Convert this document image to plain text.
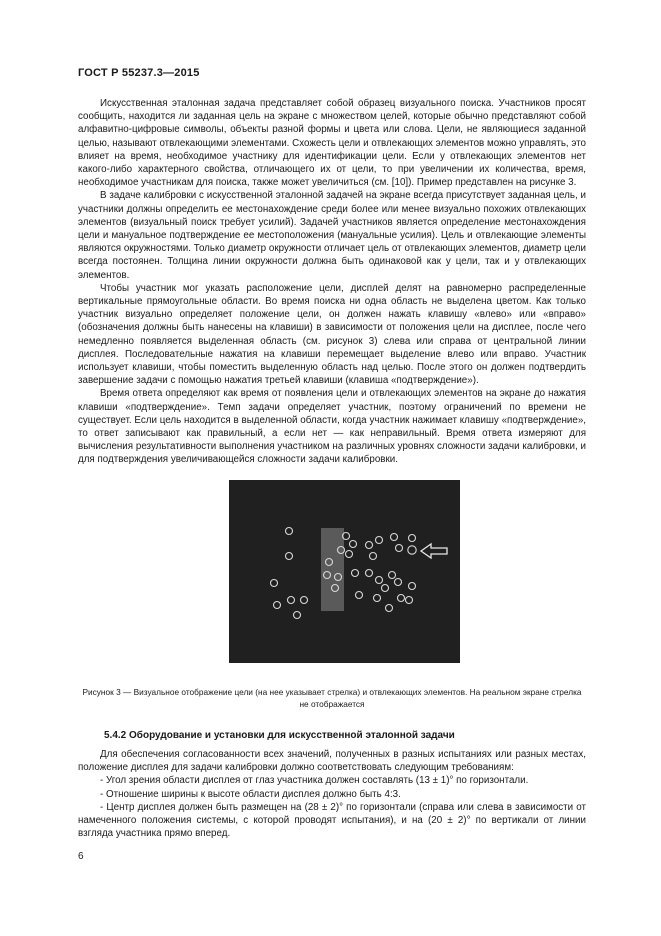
ГОСТ Р 55237.3—2015

Искусственная эталонная задача представляет собой образец визуального поиска. Участников просят сообщить, находится ли заданная цель на экране с множеством целей, которые обычно представляют собой алфавитно-цифровые символы, объекты разной формы и цвета или слова. Цели, не являющиеся заданной целью, называют отвлекающими элементами. Схожесть цели и отвлекающих элементов можно управлять, это влияет на время, необходимое участнику для идентификации цели. Если у отвлекающих элементов нет какого-либо характерного свойства, отличающего их от цели, то при увеличении их количества, время, необходимое участникам для поиска, также может увеличиться (см. [10]). Пример представлен на рисунке 3.

В задаче калибровки с искусственной эталонной задачей на экране всегда присутствует заданная цель, и участники должны определить ее местонахождение среди более или менее визуально похожих отвлекающих элементов (визуальный поиск требует усилий). Задачей участников является определение местонахождения цели и мануальное подтверждение ее местоположения (мануальные усилия). Цель и отвлекающие элементы являются окружностями. Только диаметр окружности отличает цель от отвлекающих элементов, диаметр цели всегда постоянен. Толщина линии окружности должна быть одинаковой как у цели, так и у отвлекающих элементов.

Чтобы участник мог указать расположение цели, дисплей делят на равномерно распределенные вертикальные прямоугольные области. Во время поиска ни одна область не выделена цветом. Как только участник визуально определяет положение цели, он должен нажать клавишу «влево» или «вправо» (обозначения должны быть нанесены на клавиши) в зависимости от положения цели на дисплее, после чего немедленно появляется выделенная область (см. рисунок 3) слева или справа от центральной линии дисплея. Последовательные нажатия на клавиши перемещает выделение влево или вправо. Участник использует клавиши, чтобы поместить выделенную область над целью. После этого он должен подтвердить завершение задачи с помощью нажатия третьей клавиши (клавиша «подтверждение»).

Время ответа определяют как время от появления цели и отвлекающих элементов на экране до нажатия клавиши «подтверждение». Темп задачи определяет участник, поэтому ограничений по времени не существует. Если цель находится в выделенной области, когда участник нажимает клавишу «подтверждение», то ответ записывают как правильный, а если нет — как неправильный. Время ответа измеряют для вычисления результативности выполнения участником на различных уровнях сложности задачи калибровки, и для подтверждения увеличивающейся сложности задачи калибровки.

Рисунок 3 — Визуальное отображение цели (на нее указывает стрелка) и отвлекающих элементов. На реальном экране стрелка не отображается
5.4.2 Оборудование и установки для искусственной эталонной задачи

Для обеспечения согласованности всех значений, полученных в разных испытаниях или разных местах, положение дисплея для задачи калибровки должно соответствовать следующим требованиям:

- Угол зрения области дисплея от глаз участника должен составлять (13 ± 1)° по горизонтали.

- Отношение ширины к высоте области дисплея должно быть 4:3.

- Центр дисплея должен быть размещен на (28 ± 2)° по горизонтали (справа или слева в зависимости от намеченного положения системы, с которой проводят испытания), и на (20 ± 2)° по вертикали от линии взгляда участника прямо вперед.

6
